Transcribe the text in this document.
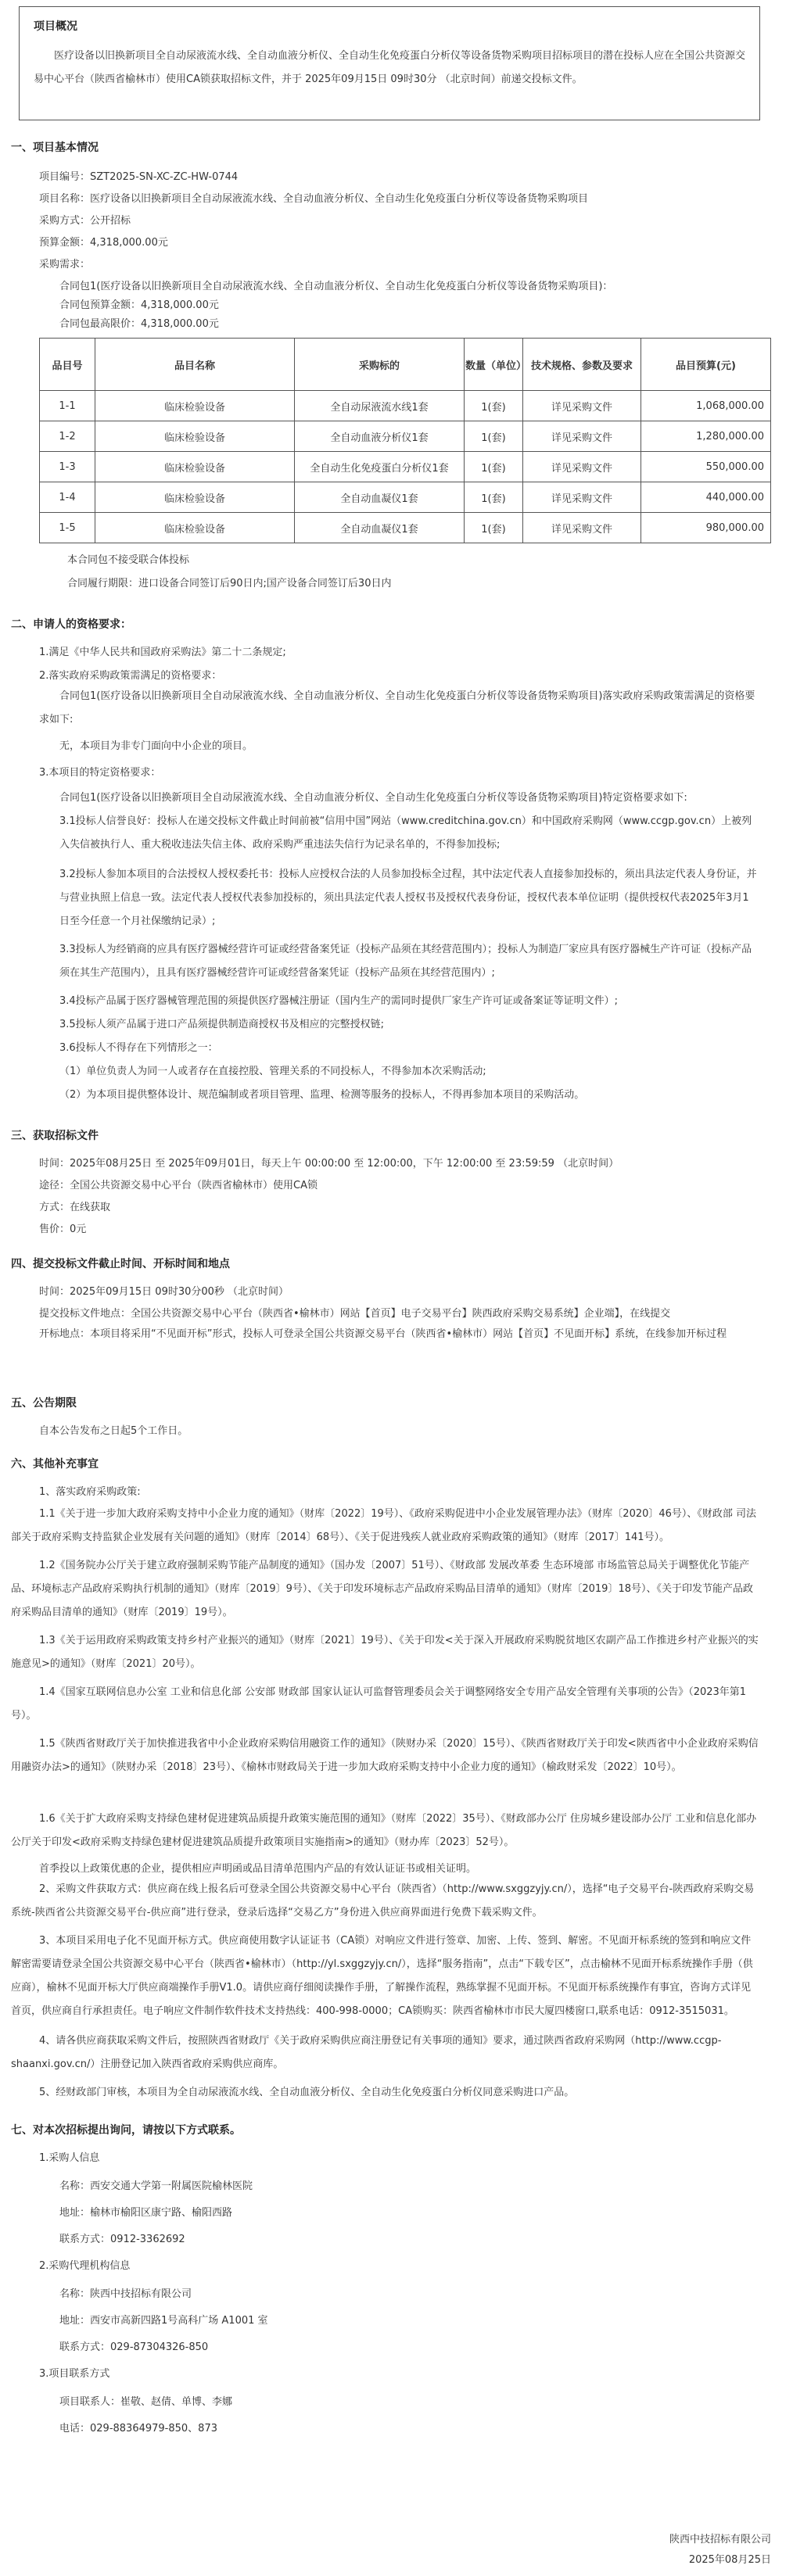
项目概况

医疗设备以旧换新项目全自动尿液流水线、全自动血液分析仪、全自动生化免疫蛋白分析仪等设备货物采购项目招标项目的潜在投标人应在全国公共资源交易中心平台（陕西省榆林市）使用CA锁获取招标文件，并于 2025年09月15日 09时30分 （北京时间）前递交投标文件。

一、项目基本情况
项目编号：SZT2025-SN-XC-ZC-HW-0744
项目名称：医疗设备以旧换新项目全自动尿液流水线、全自动血液分析仪、全自动生化免疫蛋白分析仪等设备货物采购项目
采购方式：公开招标
预算金额：4,318,000.00元
采购需求：
合同包1(医疗设备以旧换新项目全自动尿液流水线、全自动血液分析仪、全自动生化免疫蛋白分析仪等设备货物采购项目)：
合同包预算金额：4,318,000.00元
合同包最高限价：4,318,000.00元
品目号	品目名称	采购标的	数量（单位）	技术规格、参数及要求	品目预算(元)
1-1	临床检验设备	全自动尿液流水线1套	1(套)	详见采购文件	1,068,000.00
1-2	临床检验设备	全自动血液分析仪1套	1(套)	详见采购文件	1,280,000.00
1-3	临床检验设备	全自动生化免疫蛋白分析仪1套	1(套)	详见采购文件	550,000.00
1-4	临床检验设备	全自动血凝仪1套	1(套)	详见采购文件	440,000.00
1-5	临床检验设备	全自动血凝仪1套	1(套)	详见采购文件	980,000.00
本合同包不接受联合体投标
合同履行期限：进口设备合同签订后90日内;国产设备合同签订后30日内
二、申请人的资格要求：
1.满足《中华人民共和国政府采购法》第二十二条规定;
2.落实政府采购政策需满足的资格要求：
合同包1(医疗设备以旧换新项目全自动尿液流水线、全自动血液分析仪、全自动生化免疫蛋白分析仪等设备货物采购项目)落实政府采购政策需满足的资格要求如下:
无，本项目为非专门面向中小企业的项目。
3.本项目的特定资格要求：
合同包1(医疗设备以旧换新项目全自动尿液流水线、全自动血液分析仪、全自动生化免疫蛋白分析仪等设备货物采购项目)特定资格要求如下:
3.1投标人信誉良好：投标人在递交投标文件截止时间前被“信用中国”网站（www.creditchina.gov.cn）和中国政府采购网（www.ccgp.gov.cn）上被列入失信被执行人、重大税收违法失信主体、政府采购严重违法失信行为记录名单的，不得参加投标;
3.2投标人参加本项目的合法授权人授权委托书：投标人应授权合法的人员参加投标全过程，其中法定代表人直接参加投标的，须出具法定代表人身份证，并与营业执照上信息一致。法定代表人授权代表参加投标的，须出具法定代表人授权书及授权代表身份证，授权代表本单位证明（提供授权代表2025年3月1日至今任意一个月社保缴纳记录）;
3.3投标人为经销商的应具有医疗器械经营许可证或经营备案凭证（投标产品须在其经营范围内）；投标人为制造厂家应具有医疗器械生产许可证（投标产品须在其生产范围内），且具有医疗器械经营许可证或经营备案凭证（投标产品须在其经营范围内）;
3.4投标产品属于医疗器械管理范围的须提供医疗器械注册证（国内生产的需同时提供厂家生产许可证或备案证等证明文件）;
3.5投标人须产品属于进口产品须提供制造商授权书及相应的完整授权链;
3.6投标人不得存在下列情形之一：
（1）单位负责人为同一人或者存在直接控股、管理关系的不同投标人，不得参加本次采购活动;
（2）为本项目提供整体设计、规范编制或者项目管理、监理、检测等服务的投标人，不得再参加本项目的采购活动。
三、获取招标文件
时间：2025年08月25日 至 2025年09月01日，每天上午 00:00:00 至 12:00:00，下午 12:00:00 至 23:59:59 （北京时间）
途径：全国公共资源交易中心平台（陕西省榆林市）使用CA锁
方式：在线获取
售价：0元
四、提交投标文件截止时间、开标时间和地点
时间：2025年09月15日 09时30分00秒 （北京时间）
提交投标文件地点：全国公共资源交易中心平台（陕西省•榆林市）网站【首页】电子交易平台】陕西政府采购交易系统】企业端】，在线提交
开标地点：本项目将采用“不见面开标”形式，投标人可登录全国公共资源交易平台（陕西省•榆林市）网站【首页】不见面开标】系统，在线参加开标过程
五、公告期限
自本公告发布之日起5个工作日。
六、其他补充事宜
1、落实政府采购政策:
1.1《关于进一步加大政府采购支持中小企业力度的通知》（财库〔2022〕19号）、《政府采购促进中小企业发展管理办法》（财库〔2020〕46号）、《财政部 司法部关于政府采购支持监狱企业发展有关问题的通知》（财库〔2014〕68号）、《关于促进残疾人就业政府采购政策的通知》（财库〔2017〕141号）。
1.2《国务院办公厅关于建立政府强制采购节能产品制度的通知》（国办发〔2007〕51号）、《财政部 发展改革委 生态环境部 市场监管总局关于调整优化节能产品、环境标志产品政府采购执行机制的通知》（财库〔2019〕9号）、《关于印发环境标志产品政府采购品目清单的通知》（财库〔2019〕18号）、《关于印发节能产品政府采购品目清单的通知》（财库〔2019〕19号）。
1.3《关于运用政府采购政策支持乡村产业振兴的通知》（财库〔2021〕19号）、《关于印发<关于深入开展政府采购脱贫地区农副产品工作推进乡村产业振兴的实施意见>的通知》（财库〔2021〕20号）。
1.4《国家互联网信息办公室 工业和信息化部 公安部 财政部 国家认证认可监督管理委员会关于调整网络安全专用产品安全管理有关事项的公告》（2023年第1号）。
1.5《陕西省财政厅关于加快推进我省中小企业政府采购信用融资工作的通知》（陕财办采〔2020〕15号）、《陕西省财政厅关于印发<陕西省中小企业政府采购信用融资办法>的通知》（陕财办采〔2018〕23号）、《榆林市财政局关于进一步加大政府采购支持中小企业力度的通知》（榆政财采发〔2022〕10号）。
1.6《关于扩大政府采购支持绿色建材促进建筑品质提升政策实施范围的通知》（财库〔2022〕35号）、《财政部办公厅 住房城乡建设部办公厅 工业和信息化部办公厅关于印发<政府采购支持绿色建材促进建筑品质提升政策项目实施指南>的通知》（财办库〔2023〕52号）。
首季投以上政策优惠的企业，提供相应声明函或品目清单范围内产品的有效认证证书或相关证明。
2、采购文件获取方式：供应商在线上报名后可登录全国公共资源交易中心平台（陕西省）（http://www.sxggzyjy.cn/），选择“电子交易平台-陕西政府采购交易系统-陕西省公共资源交易平台-供应商”进行登录，登录后选择“交易乙方”身份进入供应商界面进行免费下载采购文件。
3、本项目采用电子化不见面开标方式。供应商使用数字认证证书（CA锁）对响应文件进行签章、加密、上传、签到、解密。不见面开标系统的签到和响应文件解密需要请登录全国公共资源交易中心平台（陕西省•榆林市）（http://yl.sxggzyjy.cn/），选择“服务指南”，点击“下载专区”，点击榆林不见面开标系统操作手册（供应商），榆林不见面开标大厅供应商端操作手册V1.0。请供应商仔细阅读操作手册，了解操作流程，熟练掌握不见面开标。不见面开标系统操作有事宜，咨询方式详见首页，供应商自行承担责任。电子响应文件制作软件技术支持热线：400-998-0000；CA锁购买：陕西省榆林市市民大厦四楼窗口,联系电话：0912-3515031。
4、请各供应商获取采购文件后，按照陕西省财政厅《关于政府采购供应商注册登记有关事项的通知》要求，通过陕西省政府采购网（http://www.ccgp-shaanxi.gov.cn/）注册登记加入陕西省政府采购供应商库。
5、经财政部门审核，本项目为全自动尿液流水线、全自动血液分析仪、全自动生化免疫蛋白分析仪同意采购进口产品。
七、对本次招标提出询问，请按以下方式联系。
1.采购人信息
名称：西安交通大学第一附属医院榆林医院
地址：榆林市榆阳区康宁路、榆阳西路
联系方式：0912-3362692
2.采购代理机构信息
名称：陕西中技招标有限公司
地址：西安市高新四路1号高科广场 A1001 室
联系方式：029-87304326-850
3.项目联系方式
项目联系人：崔敬、赵倩、单博、李娜
电话：029-88364979-850、873
陕西中技招标有限公司
2025年08月25日
